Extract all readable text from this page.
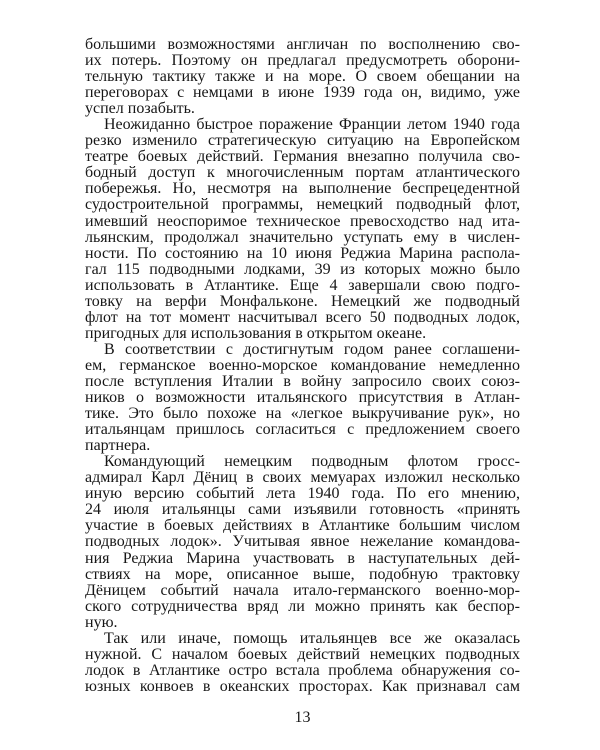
большими возможностями англичан по восполнению сво-
их потерь. Поэтому он предлагал предусмотреть оборони-
тельную тактику также и на море. О своем обещании на
переговорах с немцами в июне 1939 года он, видимо, уже
успел позабыть.
Неожиданно быстрое поражение Франции летом 1940 года
резко изменило стратегическую ситуацию на Европейском
театре боевых действий. Германия внезапно получила сво-
бодный доступ к многочисленным портам атлантического
побережья. Но, несмотря на выполнение беспрецедентной
судостроительной программы, немецкий подводный флот,
имевший неоспоримое техническое превосходство над ита-
льянским, продолжал значительно уступать ему в числен-
ности. По состоянию на 10 июня Реджиа Марина распола-
гал 115 подводными лодками, 39 из которых можно было
использовать в Атлантике. Еще 4 завершали свою подго-
товку на верфи Монфальконе. Немецкий же подводный
флот на тот момент насчитывал всего 50 подводных лодок,
пригодных для использования в открытом океане.
В соответствии с достигнутым годом ранее соглашени-
ем, германское военно-морское командование немедленно
после вступления Италии в войну запросило своих союз-
ников о возможности итальянского присутствия в Атлан-
тике. Это было похоже на «легкое выкручивание рук», но
итальянцам пришлось согласиться с предложением своего
партнера.
Командующий немецким подводным флотом гросс-
адмирал Карл Дёниц в своих мемуарах изложил несколько
иную версию событий лета 1940 года. По его мнению,
24 июля итальянцы сами изъявили готовность «принять
участие в боевых действиях в Атлантике большим числом
подводных лодок». Учитывая явное нежелание командова-
ния Реджиа Марина участвовать в наступательных дей-
ствиях на море, описанное выше, подобную трактовку
Дёницем событий начала итало-германского военно-мор-
ского сотрудничества вряд ли можно принять как беспор-
ную.
Так или иначе, помощь итальянцев все же оказалась
нужной. С началом боевых действий немецких подводных
лодок в Атлантике остро встала проблема обнаружения со-
юзных конвоев в океанских просторах. Как признавал сам
13
